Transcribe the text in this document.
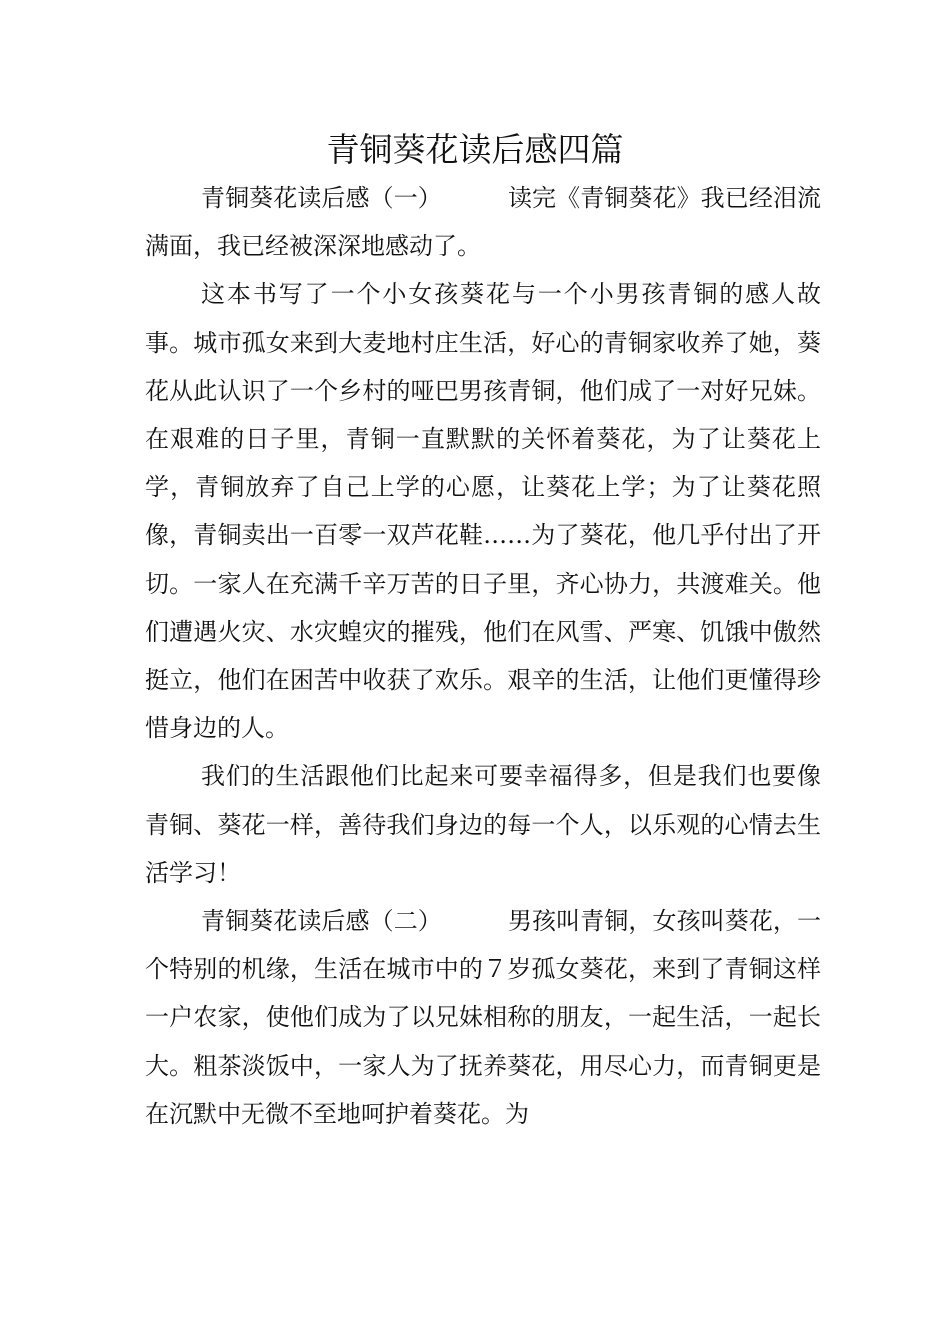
青铜葵花读后感四篇

青铜葵花读后感（一）	读完《青铜葵花》我已经泪流满面，我已经被深深地感动了。

这本书写了一个小女孩葵花与一个小男孩青铜的感人故事。城市孤女来到大麦地村庄生活，好心的青铜家收养了她，葵花从此认识了一个乡村的哑巴男孩青铜，他们成了一对好兄妹。在艰难的日子里，青铜一直默默的关怀着葵花，为了让葵花上学，青铜放弃了自己上学的心愿，让葵花上学；为了让葵花照像，青铜卖出一百零一双芦花鞋……为了葵花，他几乎付出了开切。一家人在充满千辛万苦的日子里，齐心协力，共渡难关。他们遭遇火灾、水灾蝗灾的摧残，他们在风雪、严寒、饥饿中傲然挺立，他们在困苦中收获了欢乐。艰辛的生活，让他们更懂得珍惜身边的人。

我们的生活跟他们比起来可要幸福得多，但是我们也要像青铜、葵花一样，善待我们身边的每一个人，以乐观的心情去生活学习！

青铜葵花读后感（二）	男孩叫青铜，女孩叫葵花，一个特别的机缘，生活在城市中的７岁孤女葵花，来到了青铜这样一户农家，使他们成为了以兄妹相称的朋友，一起生活，一起长大。粗茶淡饭中，一家人为了抚养葵花，用尽心力，而青铜更是在沉默中无微不至地呵护着葵花。为
